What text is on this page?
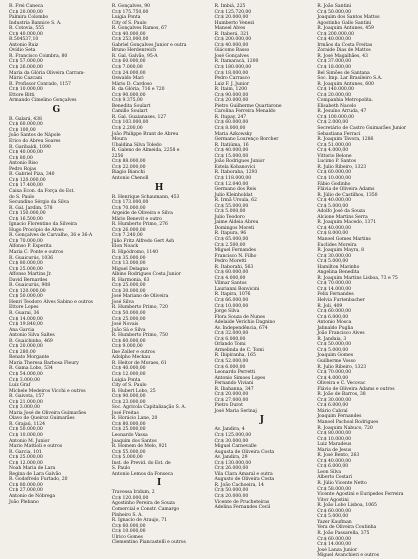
R. Frei Caneca
Cr.$ 20.000,00
Palmira Colombo
Industria Bannice S. A.
R. Cotovia, 555
Cr.$ 40.000,00
R.504537,10
Antonio Ruiz
Ovídio Seta
R. Francisco Coimbra, 80
Cr.$ 57.000,00
Cr.$ 26.000,00
Maria da Glória Oliveira Carram-
Mário Cazcani
R. Profissor Conrado, 1157
Cr.$ 10.000,00
Ettore Bitti
Armando Cimelino Gonçalves
G
R. Galará, 438
Cr.$ 60.000,00
Cr.$ 100,00
João Santos de Nápole
Erico do Abreu Soares
R. Garibaldi, 1090
Cr.$ 40.000,00
Cr.$ 80,00
Antonio Riso
Pedro Rojas
R. Gabriel Piza, 340
Cr.$ 120.000,00
Cr.$ 17.400,00
Caixa Econ. da Força do Est.
do S. Paulo
Secundino Sérgio da Silva
R. Gal. Jardim, 578
Cr.$ 150.000,00
Cr.$ 16.500,00
Ignacio Florentino da Silveira
Hugo Procópio de Alves
R. Gonçalves de Carvalho, 36 e 36-A
Cr.$ 70.000,00
Alfonso P. Esperita
Maria C. Ponte e outros
R. Guaicurús, 1036
Cr.$ 80.000,00
Cr.$ 25.000,00
Affonso Martins Jr.
David Bernardes
R. Guaicurús, 908
Cr.$ 120.000,00
Cr.$ 50.000,00
Henri Teodoro Alves Sabino e outros
Ettore Lopes
R. Guaraí, 36
Cr.$ 14.000,00
Cr.$ 19.840,00
Ana Garcia
Antonio Silva Saltes
R. Guaichinho, 469
Cr.$ 20.000,00
Cr.$ 280,00
Renato Morgante
Maria Theresa Barbosa Fleury
R. Gama Lobo, 534
Cr.$ 54.000,00
Cr.$ 3.000,00
Luiz Graf
Michele Medeiros Vicchi e outros
R. Gaivota, 157
Cr.$ 21.000,00
Cr.$ 3.000,00
Maria José de Oliveira Guimarães
Olavo de Queiroz Guimarães
R. Grajaú, 1124
Cr.$ 50.000,00
Cr.$ 10.000,00
Antonio M. Junior
Mario Mattioli e outros
R. Garcia, 101
Cr.$ 25.000,00
Cr.$ 12.000,00
Noah Maria de Lara
Regina de Lara Galvão
R. Godofredo Furtado, 20
Cr.$ 80.000,00
Cr.$ 27.000,00
Antonio de Nóbrega
João Plebano
R. Gonçalves, 90
Cr.$ 175.750,00
Luigia Ponta
City of S. Paulo
R. Gonçalves Ramos, 67
Cr.$ 40.000,00
Cr.$ 253,000,00
Gabriel Gonçalves Junior e outra
Bruno Herdenreich
R. Gal. Galvão, 95-A
Cr.$ 60.000,00
Cr.$ 7.000,00
Cr.$ 24.000,00
Oswaldo Mari
Mário D. Cardoso
R. da Glória, 716 e 720
Cr.$ 90.000,00
Cr.$ 9.375,00
Benedita Soulart
Camillo Soulart
R. Gal. Guaianases, 127
Cr.$ 103.000,00
Cr.$ 2.200,00
João Philippe Brant de Abreu
Moura
Ubaldina Silva Toledo
R. Galeno de Almeida, 2258 e
2256
Cr.$ 88.000,00
Cr.$ 22.000,00
Biagio Bianchi
Antonio Chenoll
H
R. Henrique Schaumann, 453
Cr.$ 173.000,00
Cr.$ 70.000,00
Argeide de Oliveira e Silva
Mário Benevit e outro
R. Humberto Primo, 276
Cr.$ 26.000,00
Cr.$ 7.240,00
Júlio Fritz Alfredo Gert Ash
Elon Noack
R. Hipódromo, 1140
Cr.$ 35.000,00
Cr.$ 13.000,00
Miguel Delagno
Albino Rodrigues Costa Junior
R. Harmonia, 63
Cr.$ 25.000,00
Cr.$ 30.000,00
José Mariano de Oliveira
José Silva
R. Humberto Primo, 720
Cr.$ 50.000,00
Cr.$ 25.000,00
José Novais
João Sá e Silva
R. Humberto Primo, 750
Cr.$ 60.000,00
Cr.$ 9.000,00
Ilse Zoller e outros
Adolpho Meckau
R. Heitor de Moraes, 61
Cr.$ 40.000,00
Cr.$ 12.000,00
Luigia Ponta
City of S. Paulo
R. Hubert Lobo, 25
Cr.$ 90.000,00
Cr.$ 23.000,00
Soc. Agrícola Capitalização S. A.
José Freitas
R. Horácio Lane, 20
Cr.$ 80.000,00
Cr.$ 25.000,00
Leonardo Vassa
Joaquim dos Santos
R. Homem de Melo, 921
Cr.$ 55.000,00
Cr.$ 5.000,00
Inst. de Previd. do Est. de
S. Paulo
Antonio Lemos da Fonseca
I
Travessa Iridum, 2
Cr.$ 120.000,00
Agostinho Pereira de Souza
Comercial e Constr. Camargo
Pinheiro S. A.
R. Ignacio de Araujo, 71
Cr.$ 60.000,00
Cr.$ 10.000,00
Ulrico Gomes
Clementino Piancastelli e outros
R. Imbiá, 225
Cr.$ 125.720,00
Cr.$ 20.000,00
Humberto Venezi
Manoel Alves
R. Itaberá, 321
Cr.$ 200.000,00
Cr.$ 40.000,00
Giácomo Basso
José Gonçalves
R. Itamaracá, 1200
Cr.$ 180.000,00
Cr.$ 18.000,00
Pedro Carrasco
Luiz F. J. Junior
R. Itaim, 1200
Cr.$ 90.000,00
Cr.$ 20.000,00
Pietro Guilherme Quartarone
Carolina Ferreira Menaldo
R. Itupay, 247
Cr.$ 60.000,00
Cr.$ 8.000,00
Maria Azkowsky
Germano Lourenço Borcher
R. Itatiúma, 16
Cr.$ 40.000,00
Cr.$ 15.000,00
João Rodrigues Junior
Estela Kobanovici
R. Itaboraba, 1293
Cr.$ 118.000,00
Cr.$ 12.040,00
Germano dos Reis
Julio Kleinholdat
R. Irmã Ursula, 62
Cr.$ 55.000,00
Cr.$ 5.000,00
Julio Teodoro
Jaime Aldeia Abreu
Domingos Moreti
R. Itapura, 96
Cr.$ 65.000,00
Cr.$ 2.500,00
Miguel Fernandes
Francisco N. Filho
Pedro Moretti
R. Itaborahi, 563
Cr.$ 60.000,00
Cr.$ 4.000,00
Vilmar Santos
Laurianni Bonvicini
R. Itapira, 1076
Cr.$ 66.000,00
Cr.$ 10.000,00
Jorge Silva
Flora Souza de Nunes
Adelaide Verichio Dagnino
Av. Independência, 674
Cr.$ 32.000,00
Cr.$ 6.000,00
Orlando Tomi
Armelinda de C. Tomi
R. Ibipiranha, 165
Cr.$ 52.000,00
Cr.$ 6.000,00
Leonardo Perretti
Antonio Simoes Lopes
Fernando Viviani
R. Ibahanna, 347
Cr.$ 20.000,00
Cr.$ 27.000,00
Pietro Durot
José Maria Serinaj
J
Av. Jandira, 4
Cr.$ 125.000,00
Cr.$ 30.000,00
Miguel Carnevalle
Augusta de Oliveira Costa
Av. Jandira, 29
Cr.$ 130.000,00
Cr.$ 26.000,00
Vila Clara Amaral e outra
Augusto de Oliveira Costa
R. João Cachoeira, 14
Cr.$ 50.000,00
Cr.$ 20.000,00
Vicente de Prucheteiras
Adelina Fernandes Cecil
R. João Santini
Cr.$ 50.000,00
Joaquim dos Santos Mattos
Agostinho Gallo Santini
R. Joaquim Antunes, 459
Cr.$ 200.000,00
Cr.$ 40.000,00
Irmãos da Costa Freitas
Zoraide Dias de Mattos
R. José Magalhães, 43
Cr.$ 37.000,00
Cr.$ 18.000,00
Bel Simões de Santana
Soc. Imp. Lar Brasileiro S.A.
R. Joaquim Antunes, 600
Cr.$ 140.000,00
Cr.$ 20.000,00
Companhia Metropolita.
Elisabeth Nacelo
R. Jesuíno Arruda, 47
Cr.$ 100.000,00
Cr.$ 2.000,00
Secretário de Castro Guimarães Junior
Sebastiana Ferraci
R. Joaquim Távora, 1286
Cr.$ 51.000,00
Cr.$ 4.000,00
Vittorio Belone
Lucimo P. Santos
R. Julio Ribeiro, 1323
Cr.$ 60.000,00
Cr.$ 10.000,00
Fábio Godinho
Flávia de Oliveira Adams
R. Júlio de Castilhos, 1350
Cr.$ 40.000,00
Cr.$ 5.000,00
Adolfo José da Souza
Alcione Martins Serra
R. Joaquim Macedo, 1371
Cr.$ 40.000,00
Cr.$ 8.000,00
Manoel Gomes Martins
Euclides Moreira
R. Joaquim Mayra, 8
Cr.$ 30.000,00
Cr.$ 5.000,00
Hamilton Marinho
Angelina Benedita
R. Joaquim Martins Lisboa, 73 e 75
Cr.$ 70.000,00
Cr.$ 14.000,00
Felix Fernandes
Helvia Furtenbacher
R. Joli, 409
Cr.$ 60.000,00
Cr.$ 6.000,00
Antonio Mosca
Jahnaldo Puglia
João Francisco Alves
R. Jandaia, 3
Cr.$ 50.000,00
Cr.$ 5.000,00
Joaquim Gomes
Guilherme Vosso
R. Julio Ribeiro, 1323
Cr.$ 70.000,00
Cr.$ 4.000,00
Oliveira e C. Vecovac
Flávio de Oliveira Adams e outros
R. João de Barros, 38
Cr.$ 30.000,00
Cr.$ 6.000,00
Mário Cabral
Joaquim Fernandes
Manoel Pachoal Rodrigues
R. Joaquim Nabuco, 720
Cr.$ 80.000,00
Cr.$ 10.000,00
Luiz Maradeus
Maria de Jesus
R. José Bento, 263
Cr.$ 40.000,00
Cr.$ 6.000,00
Leon Silva
Alberto Cestari
R. Júlio Vicente Netto
Cr.$ 58.000,00
Vicente Agostini e Euripedes Ferreira
Vitor Agostini
R. João Lobo Lisboa, 1065
Cr.$ 60.000,00
Cr.$ 5.000,00
Yazer Kaufman
Vera de Oliveira Coutinha
R. João Passarella, 375
Cr.$ 60.000,00
Cr.$ 14.000,00
José Lanza Junior
Miguel Avanchieri e outros
